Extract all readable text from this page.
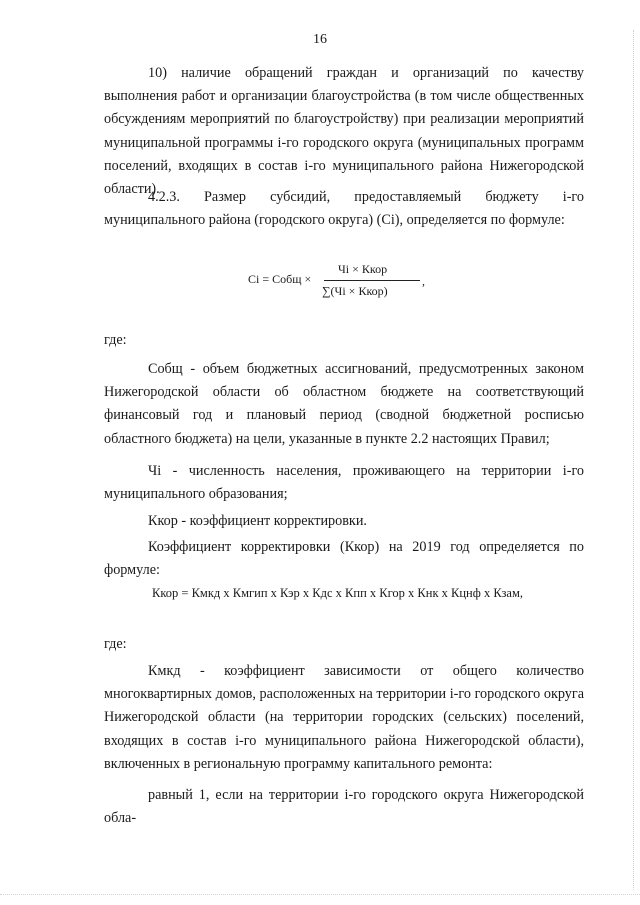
16
10) наличие обращений граждан и организаций по качеству выполнения работ и организации благоустройства (в том числе общественных обсуждениям мероприятий по благоустройству) при реализации мероприятий муниципальной программы i-го городского округа (муниципальных программ поселений, входящих в состав i-го муниципального района Нижегородской области).
4.2.3. Размер субсидий, предоставляемый бюджету i-го муниципального района (городского округа) (Ci), определяется по формуле:
Ci = Cобщ ×
Чi × Ккор
∑(Чi × Ккор)
,
где:
Cобщ - объем бюджетных ассигнований, предусмотренных законом Нижегородской области об областном бюджете на соответствующий финансовый год и плановый период (сводной бюджетной росписью областного бюджета) на цели, указанные в пункте 2.2 настоящих Правил;
Чi - численность населения, проживающего на территории i-го муниципального образования;
Ккор - коэффициент корректировки.
Коэффициент корректировки (Ккор) на 2019 год определяется по формуле:
Ккор = Кмкд x Кмгип x Кэр x Кдс x Кпп x Кгор x Кнк x Кцнф x Кзам,
где:
Кмкд - коэффициент зависимости от общего количество многоквартирных домов, расположенных на территории i-го городского округа Нижегородской области (на территории городских (сельских) поселений, входящих в состав i-го муниципального района Нижегородской области), включенных в региональную программу капитального ремонта:
равный 1, если на территории i-го городского округа Нижегородской обла-
